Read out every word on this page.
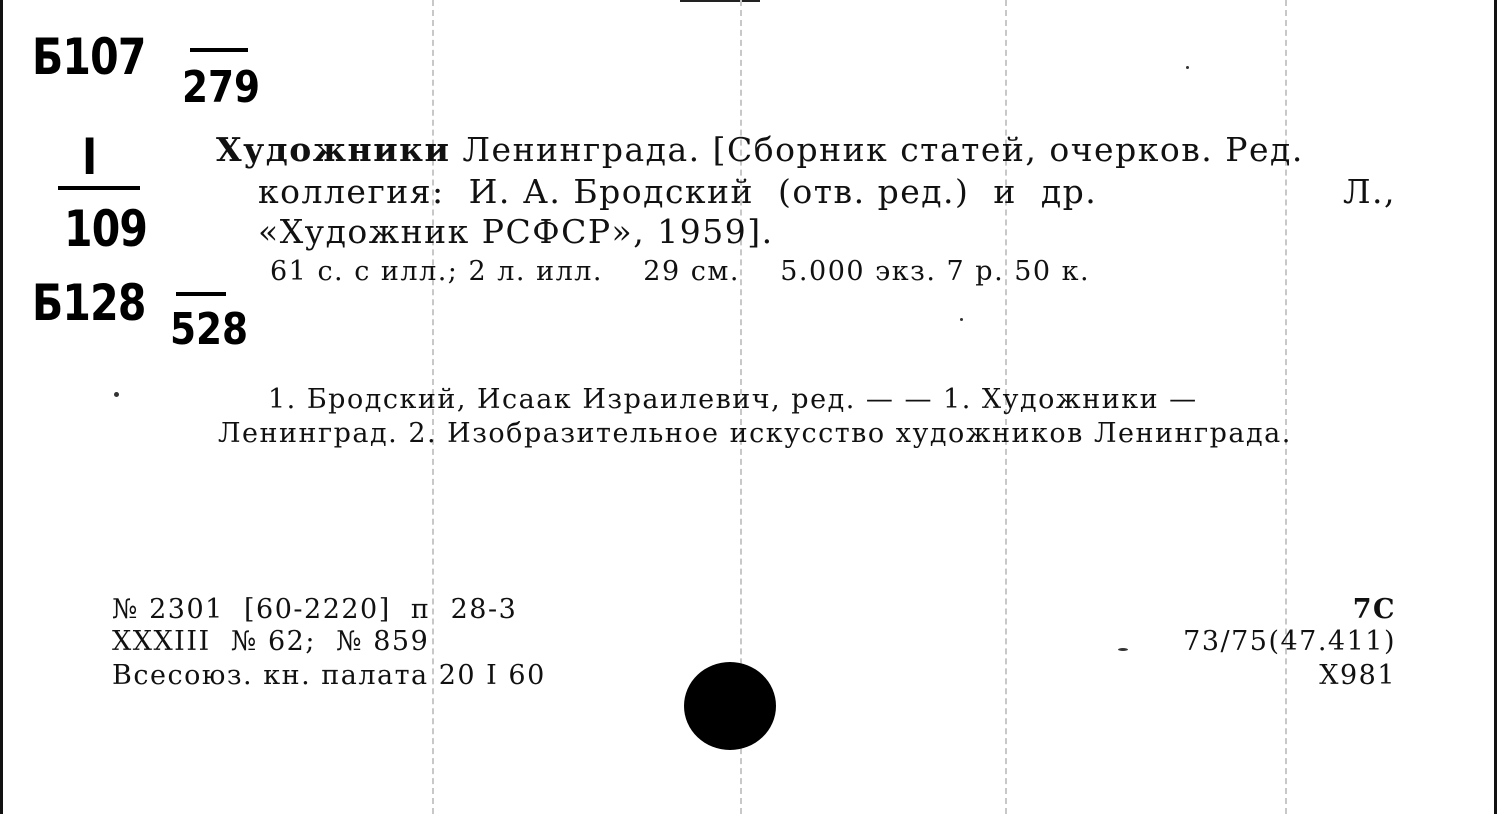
Б107
279
I
109
Б128 528
Художники Ленинграда. [Сборник статей, очерков. Ред.
коллегия:  И. А. Бродский  (отв. ред.)  и  др.	Л.,
«Художник РСФСР», 1959].
61 с. с илл.; 2 л. илл.    29 см.    5.000 экз. 7 р. 50 к.
1. Бродский, Исаак Израилевич, ред. — — 1. Художники —
Ленинград. 2. Изобразительное искусство художников Ленинграда.
№ 2301  [60-2220]  п  28-3
XXXIII  № 62;  № 859
Всесоюз. кн. палата 20 I 60
7С
73/75(47.411)
Х981
